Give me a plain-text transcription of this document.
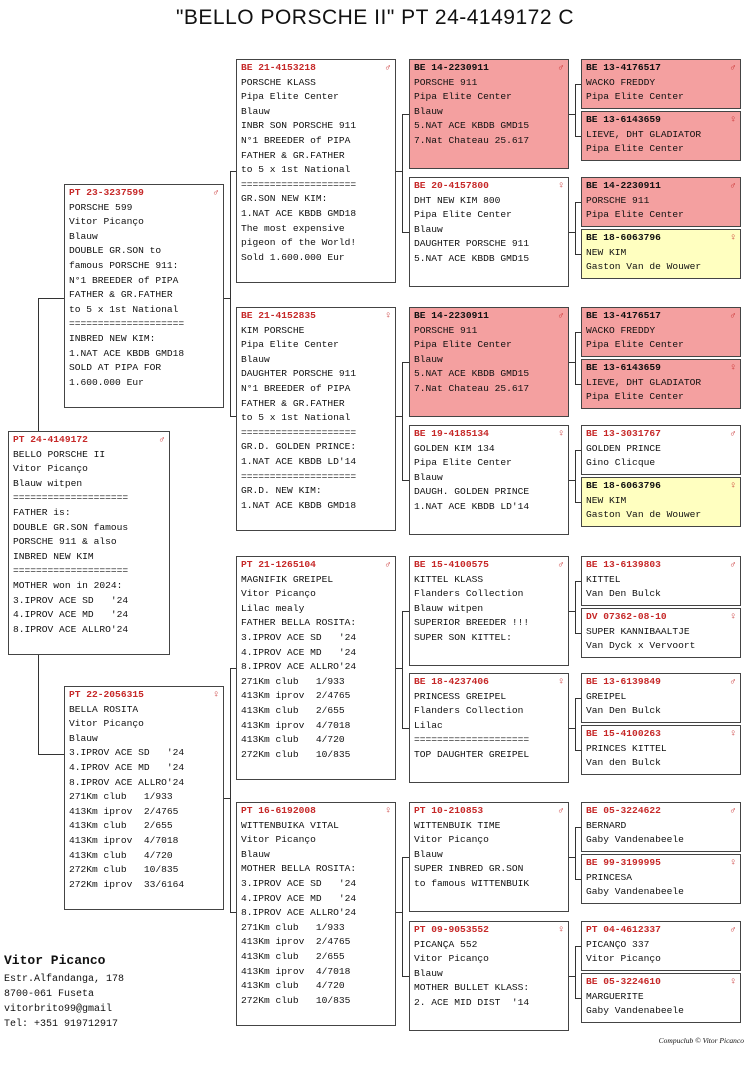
"BELLO PORSCHE II" PT 24-4149172 C
PT 24-4149172	♂
BELLO PORSCHE II
Vitor Picanço
Blauw witpen
====================
FATHER is:
DOUBLE GR.SON famous
PORSCHE 911 & also
INBRED NEW KIM
====================
MOTHER won in 2024:
3.IPROV ACE SD   '24
4.IPROV ACE MD   '24
8.IPROV ACE ALLRO'24
PT 23-3237599	♂
PORSCHE 599
Vitor Picanço
Blauw
DOUBLE GR.SON to
famous PORSCHE 911:
N°1 BREEDER of PIPA
FATHER & GR.FATHER
to 5 x 1st National
====================
INBRED NEW KIM:
1.NAT ACE KBDB GMD18
SOLD AT PIPA FOR
1.600.000 Eur
PT 22-2056315	♀
BELLA ROSITA
Vitor Picanço
Blauw
3.IPROV ACE SD   '24
4.IPROV ACE MD   '24
8.IPROV ACE ALLRO'24
271Km club   1/933
413Km iprov  2/4765
413Km club   2/655
413Km iprov  4/7018
413Km club   4/720
272Km club   10/835
272Km iprov  33/6164
BE 21-4153218	♂
PORSCHE KLASS
Pipa Elite Center
Blauw
INBR SON PORSCHE 911
N°1 BREEDER of PIPA
FATHER & GR.FATHER
to 5 x 1st National
====================
GR.SON NEW KIM:
1.NAT ACE KBDB GMD18
The most expensive
pigeon of the World!
Sold 1.600.000 Eur
BE 21-4152835	♀
KIM PORSCHE
Pipa Elite Center
Blauw
DAUGHTER PORSCHE 911
N°1 BREEDER of PIPA
FATHER & GR.FATHER
to 5 x 1st National
====================
GR.D. GOLDEN PRINCE:
1.NAT ACE KBDB LD'14
====================
GR.D. NEW KIM:
1.NAT ACE KBDB GMD18
PT 21-1265104	♂
MAGNIFIK GREIPEL
Vitor Picanço
Lilac mealy
FATHER BELLA ROSITA:
3.IPROV ACE SD   '24
4.IPROV ACE MD   '24
8.IPROV ACE ALLRO'24
271Km club   1/933
413Km iprov  2/4765
413Km club   2/655
413Km iprov  4/7018
413Km club   4/720
272Km club   10/835
PT 16-6192008	♀
WITTENBUIKA VITAL
Vitor Picanço
Blauw
MOTHER BELLA ROSITA:
3.IPROV ACE SD   '24
4.IPROV ACE MD   '24
8.IPROV ACE ALLRO'24
271Km club   1/933
413Km iprov  2/4765
413Km club   2/655
413Km iprov  4/7018
413Km club   4/720
272Km club   10/835
BE 14-2230911	♂
PORSCHE 911
Pipa Elite Center
Blauw
5.NAT ACE KBDB GMD15
7.Nat Chateau 25.617
BE 20-4157800	♀
DHT NEW KIM 800
Pipa Elite Center
Blauw
DAUGHTER PORSCHE 911
5.NAT ACE KBDB GMD15
BE 14-2230911	♂
PORSCHE 911
Pipa Elite Center
Blauw
5.NAT ACE KBDB GMD15
7.Nat Chateau 25.617
BE 19-4185134	♀
GOLDEN KIM 134
Pipa Elite Center
Blauw
DAUGH. GOLDEN PRINCE
1.NAT ACE KBDB LD'14
BE 15-4100575	♂
KITTEL KLASS
Flanders Collection
Blauw witpen
SUPERIOR BREEDER !!!
SUPER SON KITTEL:
BE 18-4237406	♀
PRINCESS GREIPEL
Flanders Collection
Lilac
====================
TOP DAUGHTER GREIPEL
PT 10-210853	♂
WITTENBUIK TIME
Vitor Picanço
Blauw
SUPER INBRED GR.SON
to famous WITTENBUIK
PT 09-9053552	♀
PICANÇA 552
Vitor Picanço
Blauw
MOTHER BULLET KLASS:
2. ACE MID DIST  '14
BE 13-4176517	♂
WACKO FREDDY
Pipa Elite Center
BE 13-6143659	♀
LIEVE, DHT GLADIATOR
Pipa Elite Center
BE 14-2230911	♂
PORSCHE 911
Pipa Elite Center
BE 18-6063796	♀
NEW KIM
Gaston Van de Wouwer
BE 13-4176517	♂
WACKO FREDDY
Pipa Elite Center
BE 13-6143659	♀
LIEVE, DHT GLADIATOR
Pipa Elite Center
BE 13-3031767	♂
GOLDEN PRINCE
Gino Clicque
BE 18-6063796	♀
NEW KIM
Gaston Van de Wouwer
BE 13-6139803	♂
KITTEL
Van Den Bulck
DV 07362-08-10	♀
SUPER KANNIBAALTJE
Van Dyck x Vervoort
BE 13-6139849	♂
GREIPEL
Van Den Bulck
BE 15-4100263	♀
PRINCES KITTEL
Van den Bulck
BE 05-3224622	♂
BERNARD
Gaby Vandenabeele
BE 99-3199995	♀
PRINCESA
Gaby Vandenabeele
PT 04-4612337	♂
PICANÇO 337
Vitor Picanço
BE 05-3224610	♀
MARGUERITE
Gaby Vandenabeele
Vitor Picanco
Estr.Alfandanga, 178
8700-061 Fuseta
vitorbrito99@gmail
Tel: +351 919712917
Compuclub © Vitor Picanco
